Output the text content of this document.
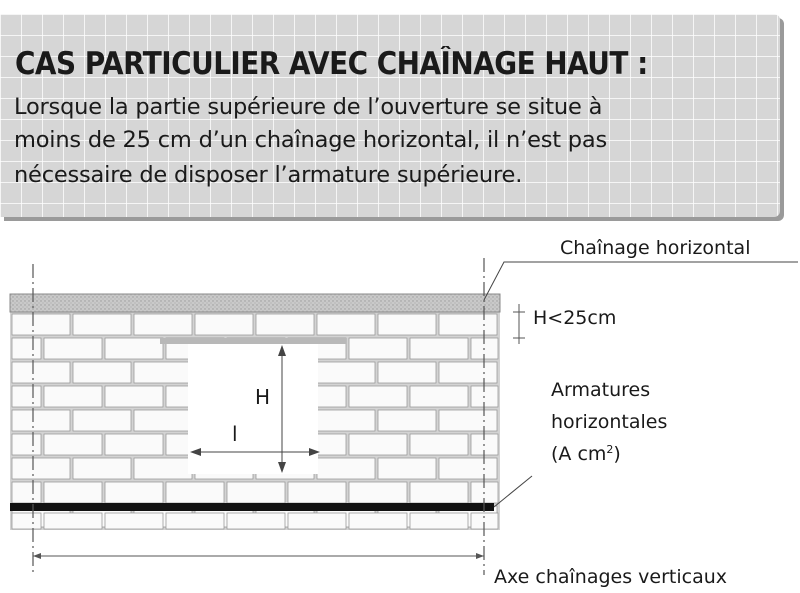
CAS PARTICULIER AVEC CHAÎNAGE HAUT :

Lorsque la partie supérieure de l’ouverture se situe à

moins de 25 cm d’un chaînage horizontal, il n’est pas

nécessaire de disposer l’armature supérieure.

Chaînage horizontal
H<25cm
Armatures
horizontales
(A $cm^2$)
Axe chaînages verticaux
H
l
